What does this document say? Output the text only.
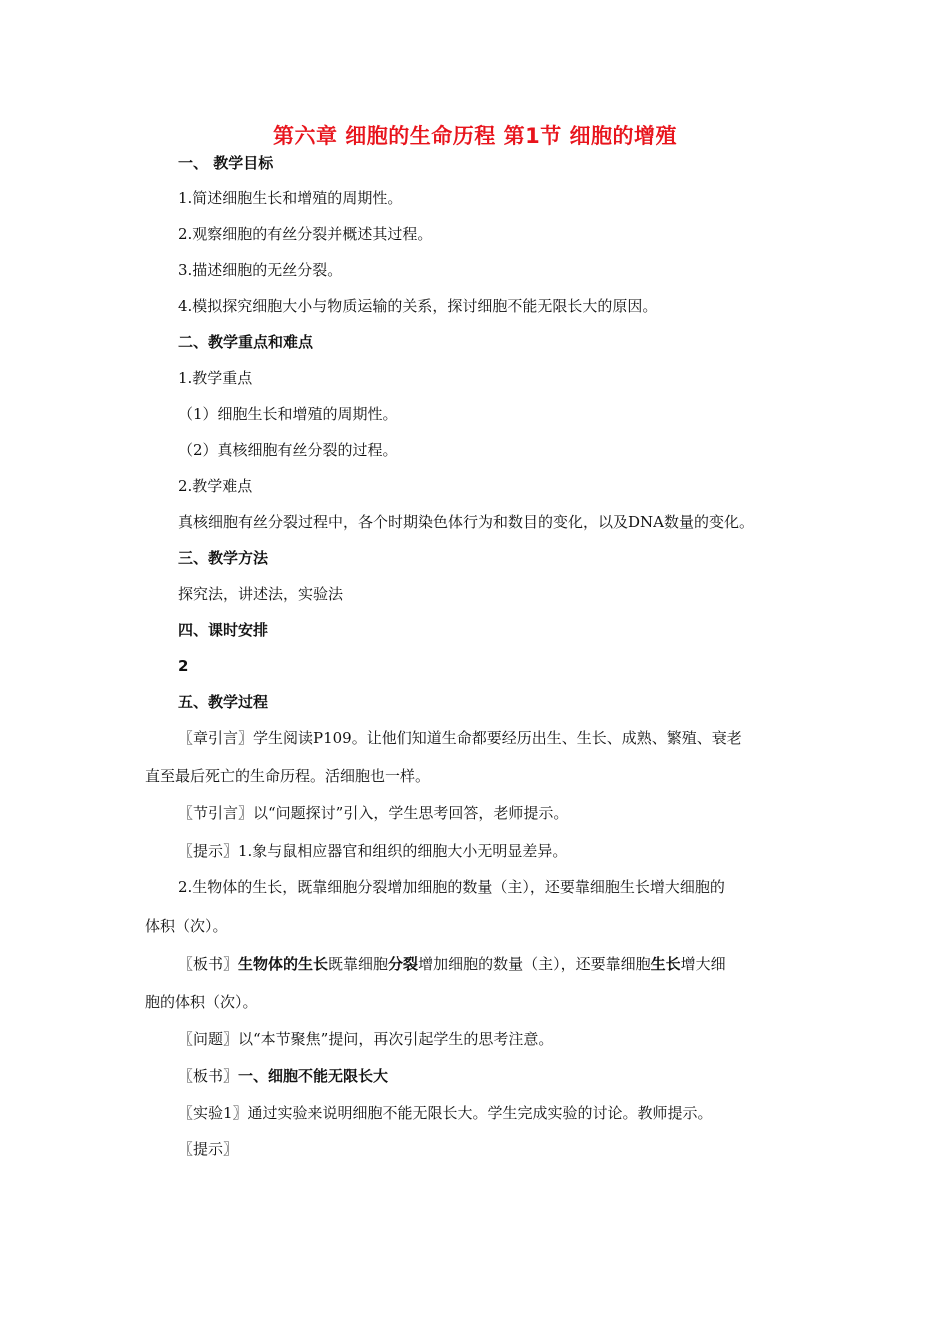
第六章 细胞的生命历程 第1节 细胞的增殖
一、 教学目标
1.简述细胞生长和增殖的周期性。
2.观察细胞的有丝分裂并概述其过程。
3.描述细胞的无丝分裂。
4.模拟探究细胞大小与物质运输的关系，探讨细胞不能无限长大的原因。
二、教学重点和难点
1.教学重点
（1）细胞生长和增殖的周期性。
（2）真核细胞有丝分裂的过程。
2.教学难点
真核细胞有丝分裂过程中，各个时期染色体行为和数目的变化，以及DNA数量的变化。
三、教学方法
探究法，讲述法，实验法
四、课时安排
2
五、教学过程
〖章引言〗学生阅读P109。让他们知道生命都要经历出生、生长、成熟、繁殖、衰老
直至最后死亡的生命历程。活细胞也一样。
〖节引言〗以“问题探讨”引入，学生思考回答，老师提示。
〖提示〗1.象与鼠相应器官和组织的细胞大小无明显差异。
2.生物体的生长，既靠细胞分裂增加细胞的数量（主），还要靠细胞生长增大细胞的
体积（次）。
〖板书〗生物体的生长既靠细胞分裂增加细胞的数量（主），还要靠细胞生长增大细
胞的体积（次）。
〖问题〗以“本节聚焦”提问，再次引起学生的思考注意。
〖板书〗一、细胞不能无限长大
〖实验1〗通过实验来说明细胞不能无限长大。学生完成实验的讨论。教师提示。
〖提示〗
